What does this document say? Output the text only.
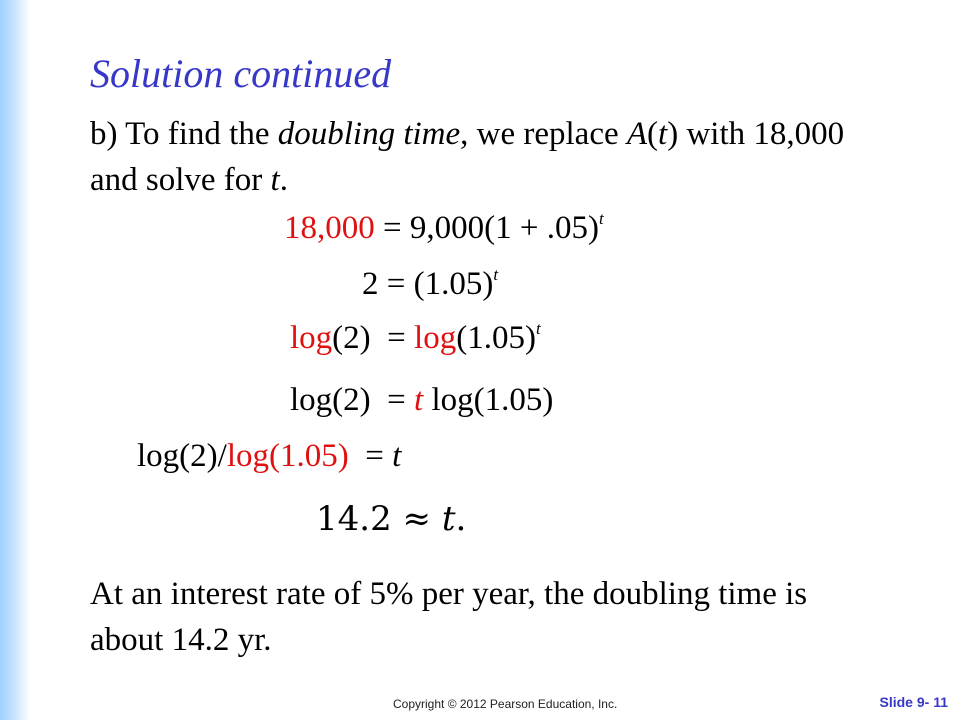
Solution continued
b) To find the doubling time, we replace A(t) with 18,000 and solve for t.
$18,000 = 9,000(1 + .05)^t$
$2 = (1.05)^t$
$\log(2) = \log(1.05)^t$
log(2)  = t log(1.05)
log(2)/log(1.05)  = t
14.2 ≈ t.
At an interest rate of 5% per year, the doubling time is about 14.2 yr.
Copyright © 2012 Pearson Education, Inc.	Slide 9- 11
